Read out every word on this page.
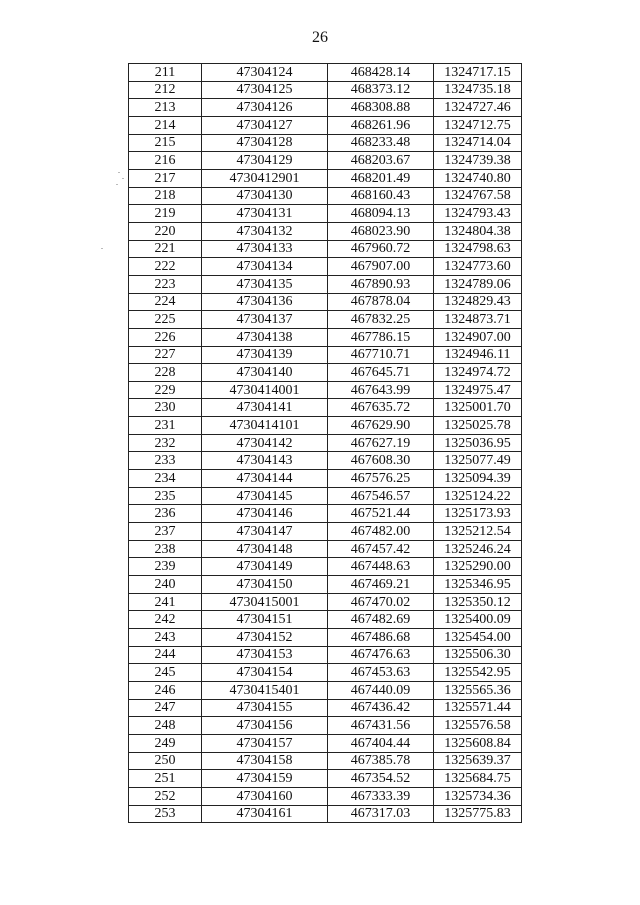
26
211	47304124	468428.14	1324717.15
212	47304125	468373.12	1324735.18
213	47304126	468308.88	1324727.46
214	47304127	468261.96	1324712.75
215	47304128	468233.48	1324714.04
216	47304129	468203.67	1324739.38
217	4730412901	468201.49	1324740.80
218	47304130	468160.43	1324767.58
219	47304131	468094.13	1324793.43
220	47304132	468023.90	1324804.38
221	47304133	467960.72	1324798.63
222	47304134	467907.00	1324773.60
223	47304135	467890.93	1324789.06
224	47304136	467878.04	1324829.43
225	47304137	467832.25	1324873.71
226	47304138	467786.15	1324907.00
227	47304139	467710.71	1324946.11
228	47304140	467645.71	1324974.72
229	4730414001	467643.99	1324975.47
230	47304141	467635.72	1325001.70
231	4730414101	467629.90	1325025.78
232	47304142	467627.19	1325036.95
233	47304143	467608.30	1325077.49
234	47304144	467576.25	1325094.39
235	47304145	467546.57	1325124.22
236	47304146	467521.44	1325173.93
237	47304147	467482.00	1325212.54
238	47304148	467457.42	1325246.24
239	47304149	467448.63	1325290.00
240	47304150	467469.21	1325346.95
241	4730415001	467470.02	1325350.12
242	47304151	467482.69	1325400.09
243	47304152	467486.68	1325454.00
244	47304153	467476.63	1325506.30
245	47304154	467453.63	1325542.95
246	4730415401	467440.09	1325565.36
247	47304155	467436.42	1325571.44
248	47304156	467431.56	1325576.58
249	47304157	467404.44	1325608.84
250	47304158	467385.78	1325639.37
251	47304159	467354.52	1325684.75
252	47304160	467333.39	1325734.36
253	47304161	467317.03	1325775.83
